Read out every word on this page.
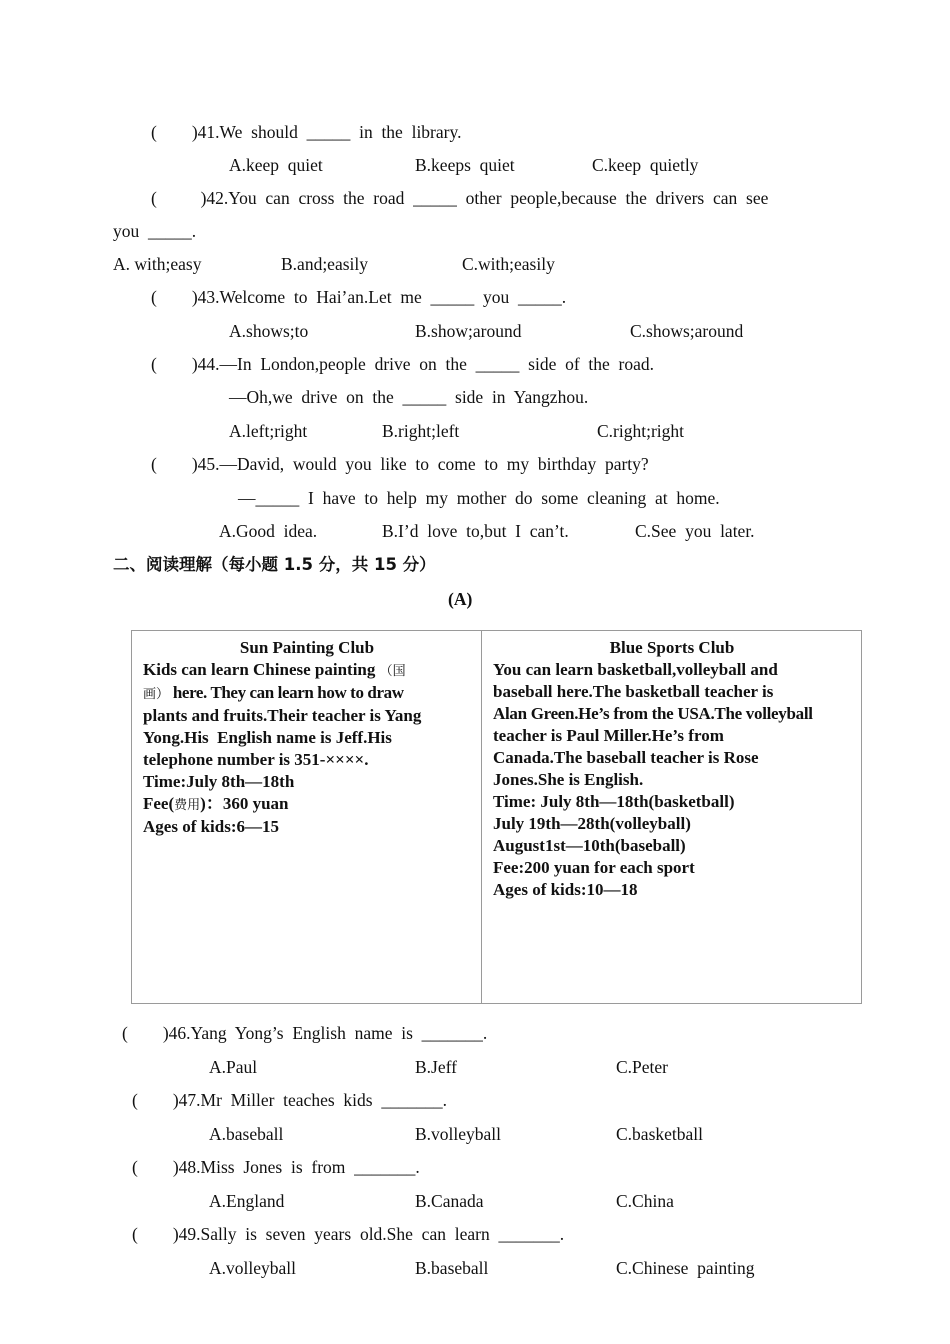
(        )41.We  should  _____  in  the  library.
A.keep  quiet	B.keeps  quiet	C.keep  quietly
(          )42.You  can  cross  the  road  _____  other  people,because  the  drivers  can  see
you  _____.
A. with;easy	B.and;easily	C.with;easily
(        )43.Welcome  to  Hai’an.Let  me  _____  you  _____.
A.shows;to	B.show;around	C.shows;around
(        )44.—In  London,people  drive  on  the  _____  side  of  the  road.
—Oh,we  drive  on  the  _____  side  in  Yangzhou.
A.left;right	B.right;left	C.right;right
(        )45.—David,  would  you  like  to  come  to  my  birthday  party?
—_____  I  have  to  help  my  mother  do  some  cleaning  at  home.
A.Good  idea.	B.I’d  love  to,but  I  can’t.	C.See  you  later.
二、阅读理解（每小题 1.5 分，共 15 分）
(A)
Sun Painting Club
Kids can learn Chinese painting （国
画） here. They can learn how to draw
plants and fruits.Their teacher is Yang
Yong.His  English name is Jeff.His
telephone number is 351-××××.
Time:July 8th—18th
Fee(费用)：360 yuan
Ages of kids:6—15
Blue Sports Club
You can learn basketball,volleyball and
baseball here.The basketball teacher is
Alan Green.He’s from the USA.The volleyball
teacher is Paul Miller.He’s from
Canada.The baseball teacher is Rose
Jones.She is English.
Time: July 8th—18th(basketball)
July 19th—28th(volleyball)
August1st—10th(baseball)
Fee:200 yuan for each sport
Ages of kids:10—18
(        )46.Yang  Yong’s  English  name  is  _______.
A.Paul	B.Jeff	C.Peter
(        )47.Mr  Miller  teaches  kids  _______.
A.baseball	B.volleyball	C.basketball
(        )48.Miss  Jones  is  from  _______.
A.England	B.Canada	C.China
(        )49.Sally  is  seven  years  old.She  can  learn  _______.
A.volleyball	B.baseball	C.Chinese  painting
